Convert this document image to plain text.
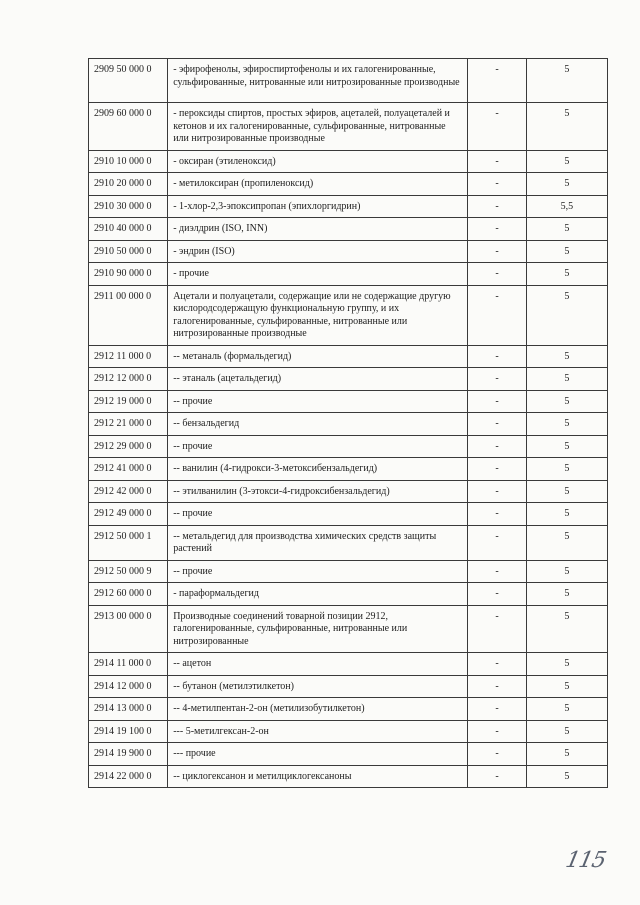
2909 50 000 0	- эфирофенолы, эфироспиртофенолы и их галогенированные, сульфированные, нитрованные или нитрозированные производные	-	5
2909 60 000 0	- пероксиды спиртов, простых эфиров, ацеталей, полуацеталей и кетонов и их галогенированные, сульфированные, нитрованные или нитрозированные производные	-	5
2910 10 000 0	- оксиран (этиленоксид)	-	5
2910 20 000 0	- метилоксиран (пропиленоксид)	-	5
2910 30 000 0	- 1-хлор-2,3-эпоксипропан (эпихлоргидрин)	-	5,5
2910 40 000 0	- диэлдрин (ISO, INN)	-	5
2910 50 000 0	- эндрин (ISO)	-	5
2910 90 000 0	- прочие	-	5
2911 00 000 0	Ацетали и полуацетали, содержащие или не содержащие другую кислородсодержащую функциональную группу, и их галогенированные, сульфированные, нитрованные или нитрозированные производные	-	5
2912 11 000 0	-- метаналь (формальдегид)	-	5
2912 12 000 0	-- этаналь (ацетальдегид)	-	5
2912 19 000 0	-- прочие	-	5
2912 21 000 0	-- бензальдегид	-	5
2912 29 000 0	-- прочие	-	5
2912 41 000 0	-- ванилин (4-гидрокси-3-метоксибензальдегид)	-	5
2912 42 000 0	-- этилванилин (3-этокси-4-гидроксибензальдегид)	-	5
2912 49 000 0	-- прочие	-	5
2912 50 000 1	-- метальдегид для производства химических средств защиты растений	-	5
2912 50 000 9	-- прочие	-	5
2912 60 000 0	- параформальдегид	-	5
2913 00 000 0	Производные соединений товарной позиции 2912, галогенированные, сульфированные, нитрованные или нитрозированные	-	5
2914 11 000 0	-- ацетон	-	5
2914 12 000 0	-- бутанон (метилэтилкетон)	-	5
2914 13 000 0	-- 4-метилпентан-2-он (метилизобутилкетон)	-	5
2914 19 100 0	--- 5-метилгексан-2-он	-	5
2914 19 900 0	--- прочие	-	5
2914 22 000 0	-- циклогексанон и метилциклогексаноны	-	5
115
